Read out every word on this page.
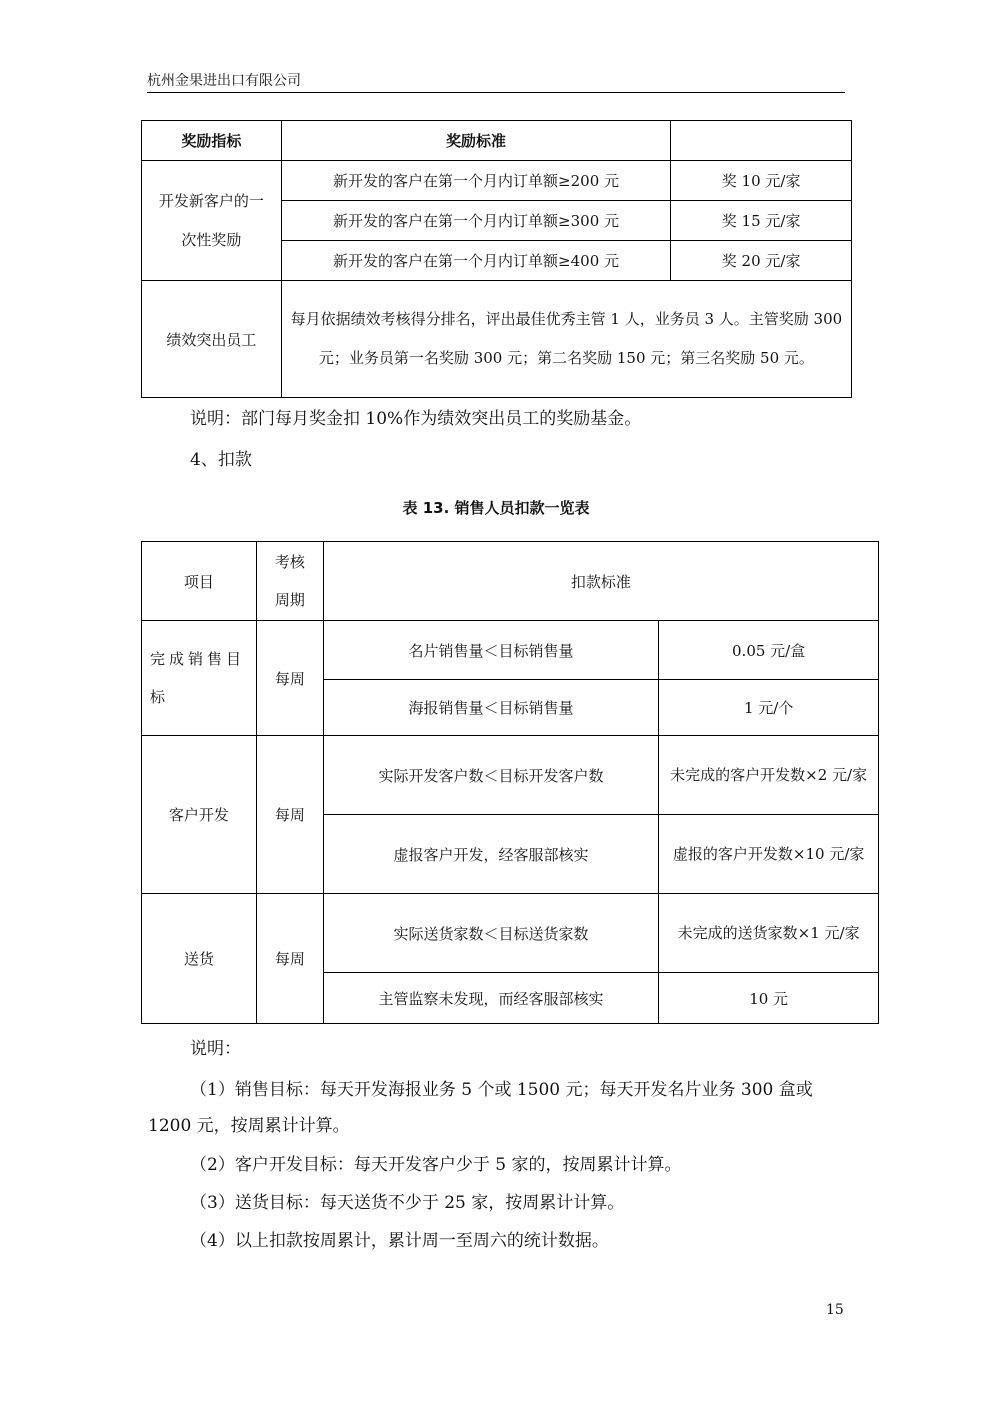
杭州金果进出口有限公司
奖励指标	奖励标准	
开发新客户的一次性奖励	新开发的客户在第一个月内订单额≥200 元	奖 10 元/家
	新开发的客户在第一个月内订单额≥300 元	奖 15 元/家
	新开发的客户在第一个月内订单额≥400 元	奖 20 元/家
绩效突出员工	每月依据绩效考核得分排名，评出最佳优秀主管 1 人，业务员 3 人。主管奖励 300 元；业务员第一名奖励 300 元；第二名奖励 150 元；第三名奖励 50 元。	
说明：部门每月奖金扣 10%作为绩效突出员工的奖励基金。
4、扣款
表 13. 销售人员扣款一览表
项目	考核周期	扣款标准	
完成销售目标	每周	名片销售量＜目标销售量	0.05 元/盒
		海报销售量＜目标销售量	1 元/个
客户开发	每周	实际开发客户数＜目标开发客户数	未完成的客户开发数×2 元/家
		虚报客户开发，经客服部核实	虚报的客户开发数×10 元/家
送货	每周	实际送货家数＜目标送货家数	未完成的送货家数×1 元/家
		主管监察未发现，而经客服部核实	10 元
说明：
（1）销售目标：每天开发海报业务 5 个或 1500 元；每天开发名片业务 300 盒或 1200 元，按周累计计算。
（2）客户开发目标：每天开发客户少于 5 家的，按周累计计算。
（3）送货目标：每天送货不少于 25 家，按周累计计算。
（4）以上扣款按周累计，累计周一至周六的统计数据。
15
